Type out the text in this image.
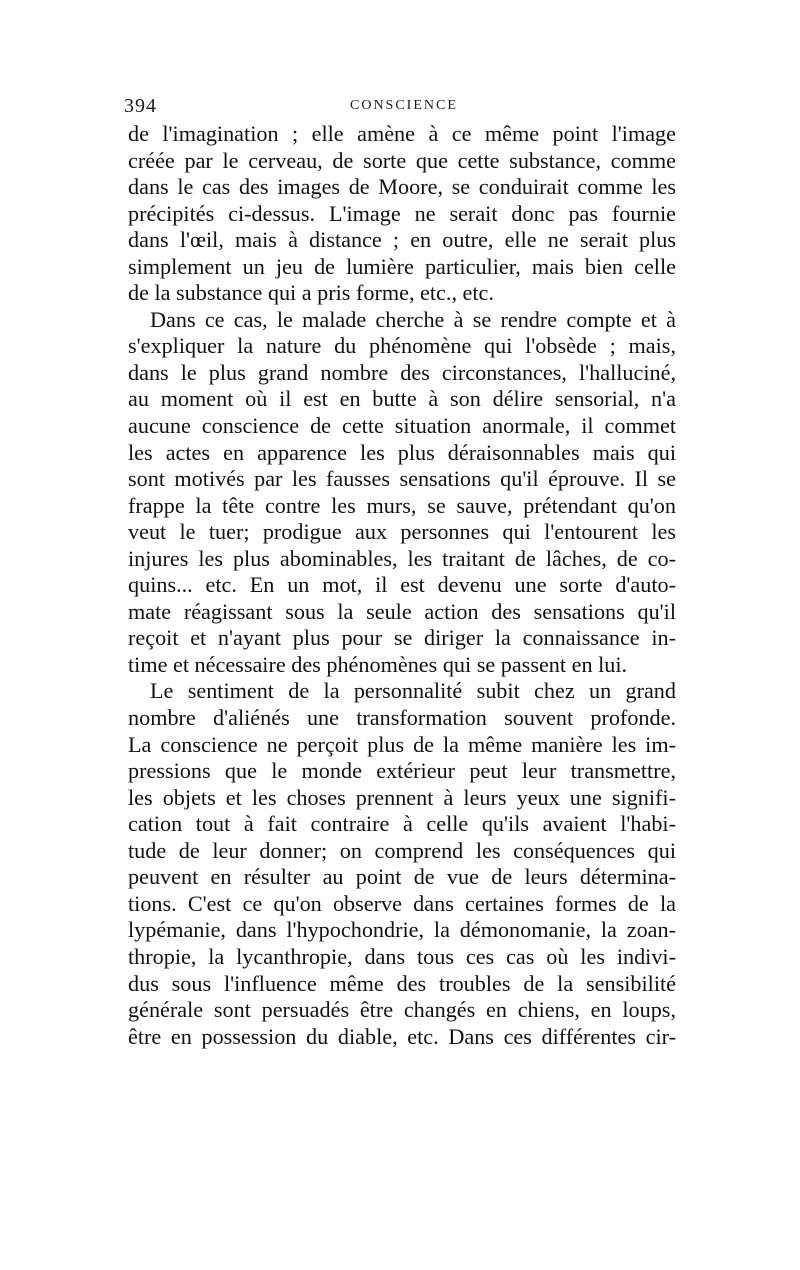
394	CONSCIENCE
de l'imagination ; elle amène à ce même point l'image
créée par le cerveau, de sorte que cette substance, comme
dans le cas des images de Moore, se conduirait comme les
précipités ci-dessus. L'image ne serait donc pas fournie
dans l'œil, mais à distance ; en outre, elle ne serait plus
simplement un jeu de lumière particulier, mais bien celle
de la substance qui a pris forme, etc., etc.
Dans ce cas, le malade cherche à se rendre compte et à
s'expliquer la nature du phénomène qui l'obsède ; mais,
dans le plus grand nombre des circonstances, l'halluciné,
au moment où il est en butte à son délire sensorial, n'a
aucune conscience de cette situation anormale, il commet
les actes en apparence les plus déraisonnables mais qui
sont motivés par les fausses sensations qu'il éprouve. Il se
frappe la tête contre les murs, se sauve, prétendant qu'on
veut le tuer; prodigue aux personnes qui l'entourent les
injures les plus abominables, les traitant de lâches, de co-
quins... etc. En un mot, il est devenu une sorte d'auto-
mate réagissant sous la seule action des sensations qu'il
reçoit et n'ayant plus pour se diriger la connaissance in-
time et nécessaire des phénomènes qui se passent en lui.
Le sentiment de la personnalité subit chez un grand
nombre d'aliénés une transformation souvent profonde.
La conscience ne perçoit plus de la même manière les im-
pressions que le monde extérieur peut leur transmettre,
les objets et les choses prennent à leurs yeux une signifi-
cation tout à fait contraire à celle qu'ils avaient l'habi-
tude de leur donner; on comprend les conséquences qui
peuvent en résulter au point de vue de leurs détermina-
tions. C'est ce qu'on observe dans certaines formes de la
lypémanie, dans l'hypochondrie, la démonomanie, la zoan-
thropie, la lycanthropie, dans tous ces cas où les indivi-
dus sous l'influence même des troubles de la sensibilité
générale sont persuadés être changés en chiens, en loups,
être en possession du diable, etc. Dans ces différentes cir-
